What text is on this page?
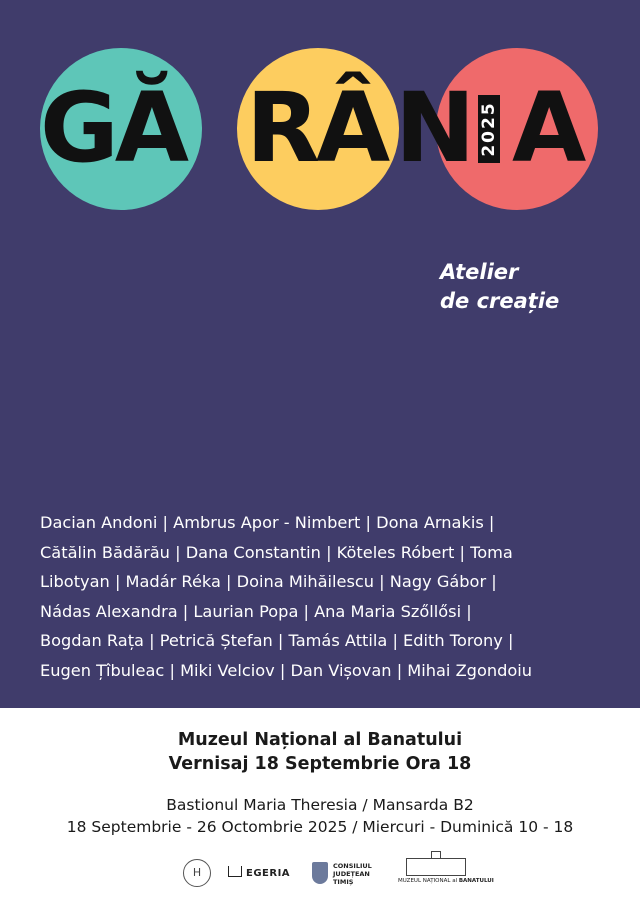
GĂ RÂ N A
2025
Atelier
de creație
Dacian Andoni | Ambrus Apor - Nimbert | Dona Arnakis |
Cătălin Bădărău | Dana Constantin | Köteles Róbert | Toma
Libotyan | Madár Réka | Doina Mihăilescu | Nagy Gábor |
Nádas Alexandra | Laurian Popa | Ana Maria Szőllősi |
Bogdan Rața | Petrică Ștefan | Tamás Attila | Edith Torony |
Eugen Țîbuleac | Miki Velciov | Dan Vișovan | Mihai Zgondoiu
Muzeul Național al Banatului
Vernisaj 18 Septembrie Ora 18
Bastionul Maria Theresia / Mansarda B2
18 Septembrie - 26 Octombrie 2025 / Miercuri - Duminică 10 - 18
H	EGERIA
CONSILIUL
JUDEȚEAN
TIMIȘ	MUZEUL NAȚIONAL al BANATULUI
